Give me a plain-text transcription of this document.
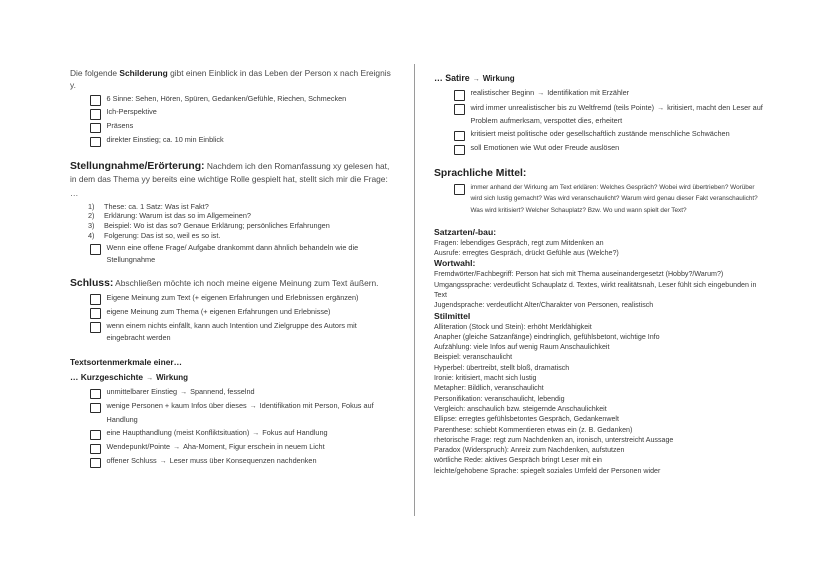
Die folgende Schilderung gibt einen Einblick in das Leben der Person x nach Ereignis y.

6 Sinne: Sehen, Hören, Spüren, Gedanken/Gefühle, Riechen, Schmecken
Ich-Perspektive
Präsens
direkter Einstieg; ca. 10 min Einblick
Stellungnahme/Erörterung: Nachdem ich den Romanfassung xy gelesen hat, in dem das Thema yy bereits eine wichtige Rolle gespielt hat, stellt sich mir die Frage: …
1)	These: ca. 1 Satz: Was ist Fakt?
2)	Erklärung: Warum ist das so im Allgemeinen?
3)	Beispiel: Wo ist das so? Genaue Erklärung; persönliches Erfahrungen
4)	Folgerung: Das ist so, weil es so ist.
Wenn eine offene Frage/ Aufgabe drankommt dann ähnlich behandeln wie die Stellungnahme
Schluss: Abschließen möchte ich noch meine eigene Meinung zum Text äußern.
Eigene Meinung zum Text (+ eigenen Erfahrungen und Erlebnissen ergänzen)
eigene Meinung zum Thema (+ eigenen Erfahrungen und Erlebnisse)
wenn einem nichts einfällt, kann auch Intention und Zielgruppe des Autors mit eingebracht werden
Textsortenmerkmale einer…
… Kurzgeschichte → Wirkung
unmittelbarer Einstieg → Spannend, fesselnd
wenige Personen + kaum Infos über dieses → Identifikation mit Person, Fokus auf Handlung
eine Haupthandlung (meist Konfliktsituation) → Fokus auf Handlung
Wendepunkt/Pointe → Aha-Moment, Figur erschein in neuem Licht
offener Schluss → Leser muss über Konsequenzen nachdenken
… Satire → Wirkung
realistischer Beginn → Identifikation mit Erzähler
wird immer unrealistischer bis zu Weltfremd (teils Pointe) → kritisiert, macht den Leser auf Problem aufmerksam, verspottet dies, erheitert
kritisiert meist politische oder gesellschaftlich zustände menschliche Schwächen
soll Emotionen wie Wut oder Freude auslösen
Sprachliche Mittel:
immer anhand der Wirkung am Text erklären: Welches Gespräch? Wobei wird übertrieben? Worüber wird sich lustig gemacht? Was wird veranschaulicht? Warum wird genau dieser Fakt veranschaulicht? Was wird kritisiert? Welcher Schauplatz? Bzw. Wo und wann spielt der Text?
Satzarten/-bau:
Fragen: lebendiges Gespräch, regt zum Mitdenken an
Ausrufe: erregtes Gespräch, drückt Gefühle aus (Welche?)
Wortwahl:
Fremdwörter/Fachbegriff: Person hat sich mit Thema auseinandergesetzt (Hobby?/Warum?)
Umgangssprache: verdeutlicht Schauplatz d. Textes, wirkt realitätsnah, Leser fühlt sich eingebunden in Text
Jugendsprache: verdeutlicht Alter/Charakter von Personen, realistisch
Stilmittel
Alliteration (Stock und Stein): erhöht Merkfähigkeit
Anapher (gleiche Satzanfänge) eindringlich, gefühlsbetont, wichtige Info
Aufzählung: viele Infos auf wenig Raum Anschaulichkeit
Beispiel: veranschaulicht
Hyperbel: übertreibt, stellt bloß, dramatisch
Ironie: kritisiert, macht sich lustig
Metapher: Bildlich, veranschaulicht
Personifikation: veranschaulicht, lebendig
Vergleich: anschaulich bzw. steigernde Anschaulichkeit
Ellipse: erregtes gefühlsbetontes Gespräch, Gedankenwelt
Parenthese: schiebt Kommentieren etwas ein (z. B. Gedanken)
rhetorische Frage: regt zum Nachdenken an, ironisch, unterstreicht Aussage
Paradox (Widerspruch): Anreiz zum Nachdenken, aufstutzen
wörtliche Rede: aktives Gespräch bringt Leser mit ein
leichte/gehobene Sprache: spiegelt soziales Umfeld der Personen wider
